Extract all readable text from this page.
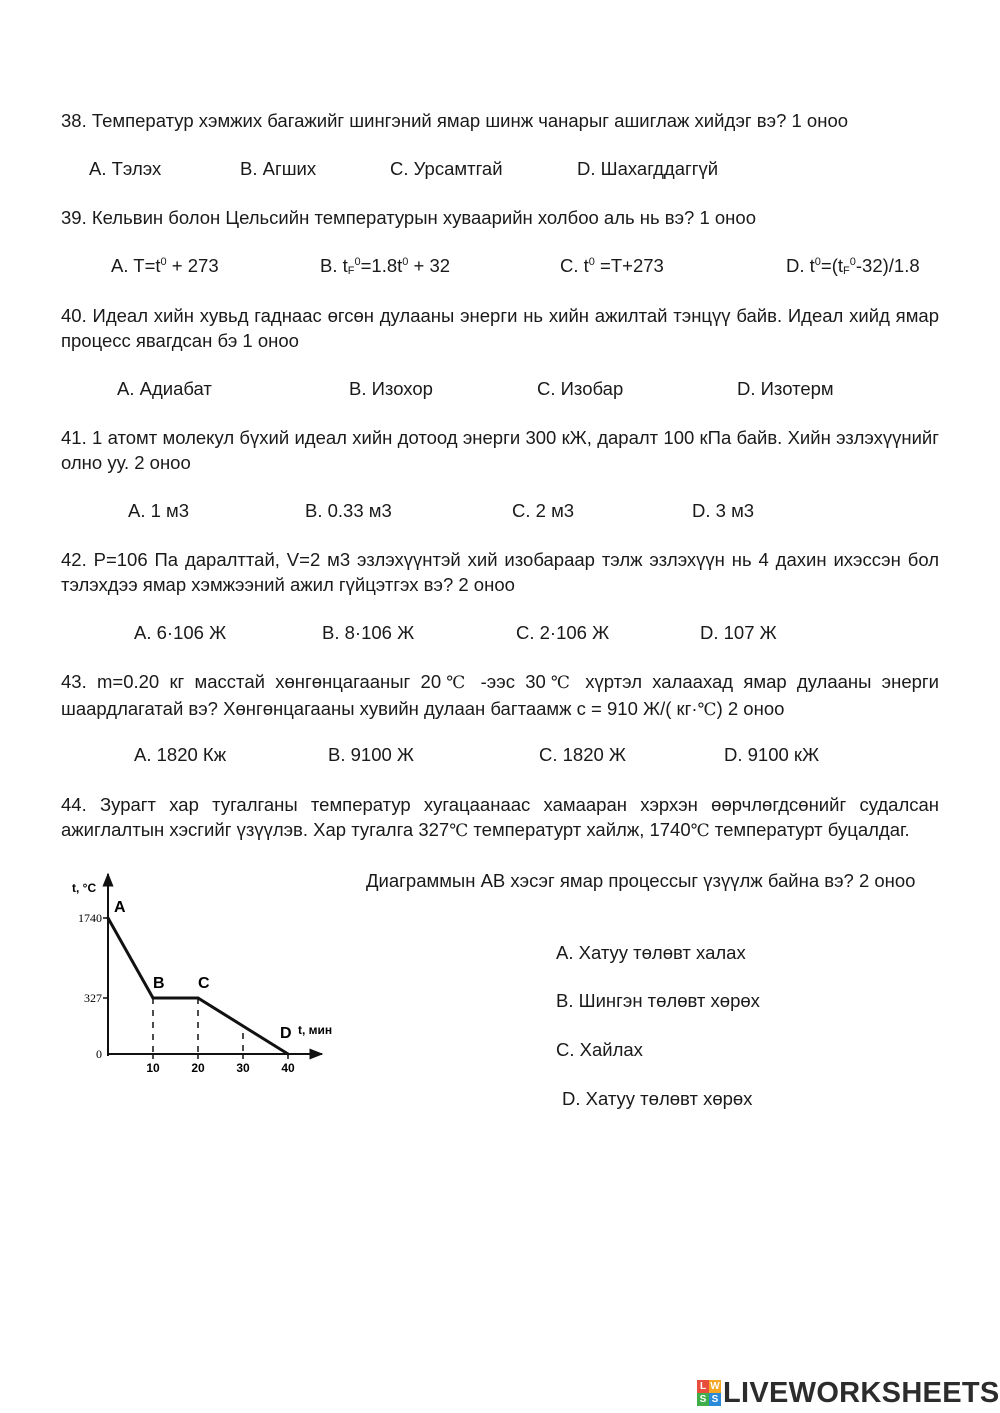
38. Температур хэмжих багажийг шингэний ямар шинж чанарыг ашиглаж хийдэг вэ? 1 оноо
A. Тэлэх	B. Агших	C. Урсамтгай	D. Шахагддаггүй
39. Кельвин болон Цельсийн температурын хуваарийн холбоо аль нь вэ? 1 оноо
A. $T=t^0 + 273$	B. $t_F^0=1.8t^0 + 32$	C. $t^0 =T+273$	D. $t^0=(t_F^0-32)/1.8$
40. Идеал хийн хувьд гаднаас өгсөн дулааны энерги нь хийн ажилтай тэнцүү байв. Идеал хийд ямар процесс явагдсан бэ 1 оноо
A. Адиабат	B. Изохор	C. Изобар	D. Изотерм
41. 1 атомт молекул бүхий идеал хийн дотоод энерги 300 кЖ, даралт 100 кПа байв. Хийн эзлэхүүнийг олно уу. 2 оноо
A. 1 м3	B. 0.33 м3	C. 2 м3	D. 3 м3
42. P=106 Па даралттай, V=2 м3 эзлэхүүнтэй хий изобараар тэлж эзлэхүүн нь 4 дахин ихэссэн бол тэлэхдээ ямар хэмжээний ажил гүйцэтгэх вэ? 2 оноо
A. 6·106 Ж	B. 8·106 Ж	C. 2·106 Ж	D. 107 Ж
43. m=0.20 кг масстай хөнгөнцагааныг 20℃ -ээс 30℃ хүртэл халаахад ямар дулааны энерги шаардлагатай вэ? Хөнгөнцагааны хувийн дулаан багтаамж c = 910 Ж/( кг·℃) 2 оноо
A. 1820 Кж	B. 9100 Ж	C. 1820 Ж	D. 9100 кЖ
44. Зурагт хар тугалганы температур хугацаанаас хамааран хэрхэн өөрчлөгдсөнийг судалсан ажиглалтын хэсгийг үзүүлэв. Хар тугалга 327℃ температурт хайлж, 1740℃ температурт буцалдаг.
t, °C
t, мин
0
327
1740
10	20	30	40
A
B C
D
Диаграммын AB хэсэг ямар процессыг үзүүлж байна вэ? 2 оноо
A. Хатуу төлөвт халах
B. Шингэн төлөвт хөрөх
C. Хайлах
D. Хатуу төлөвт хөрөх
L W
S S LIVEWORKSHEETS
